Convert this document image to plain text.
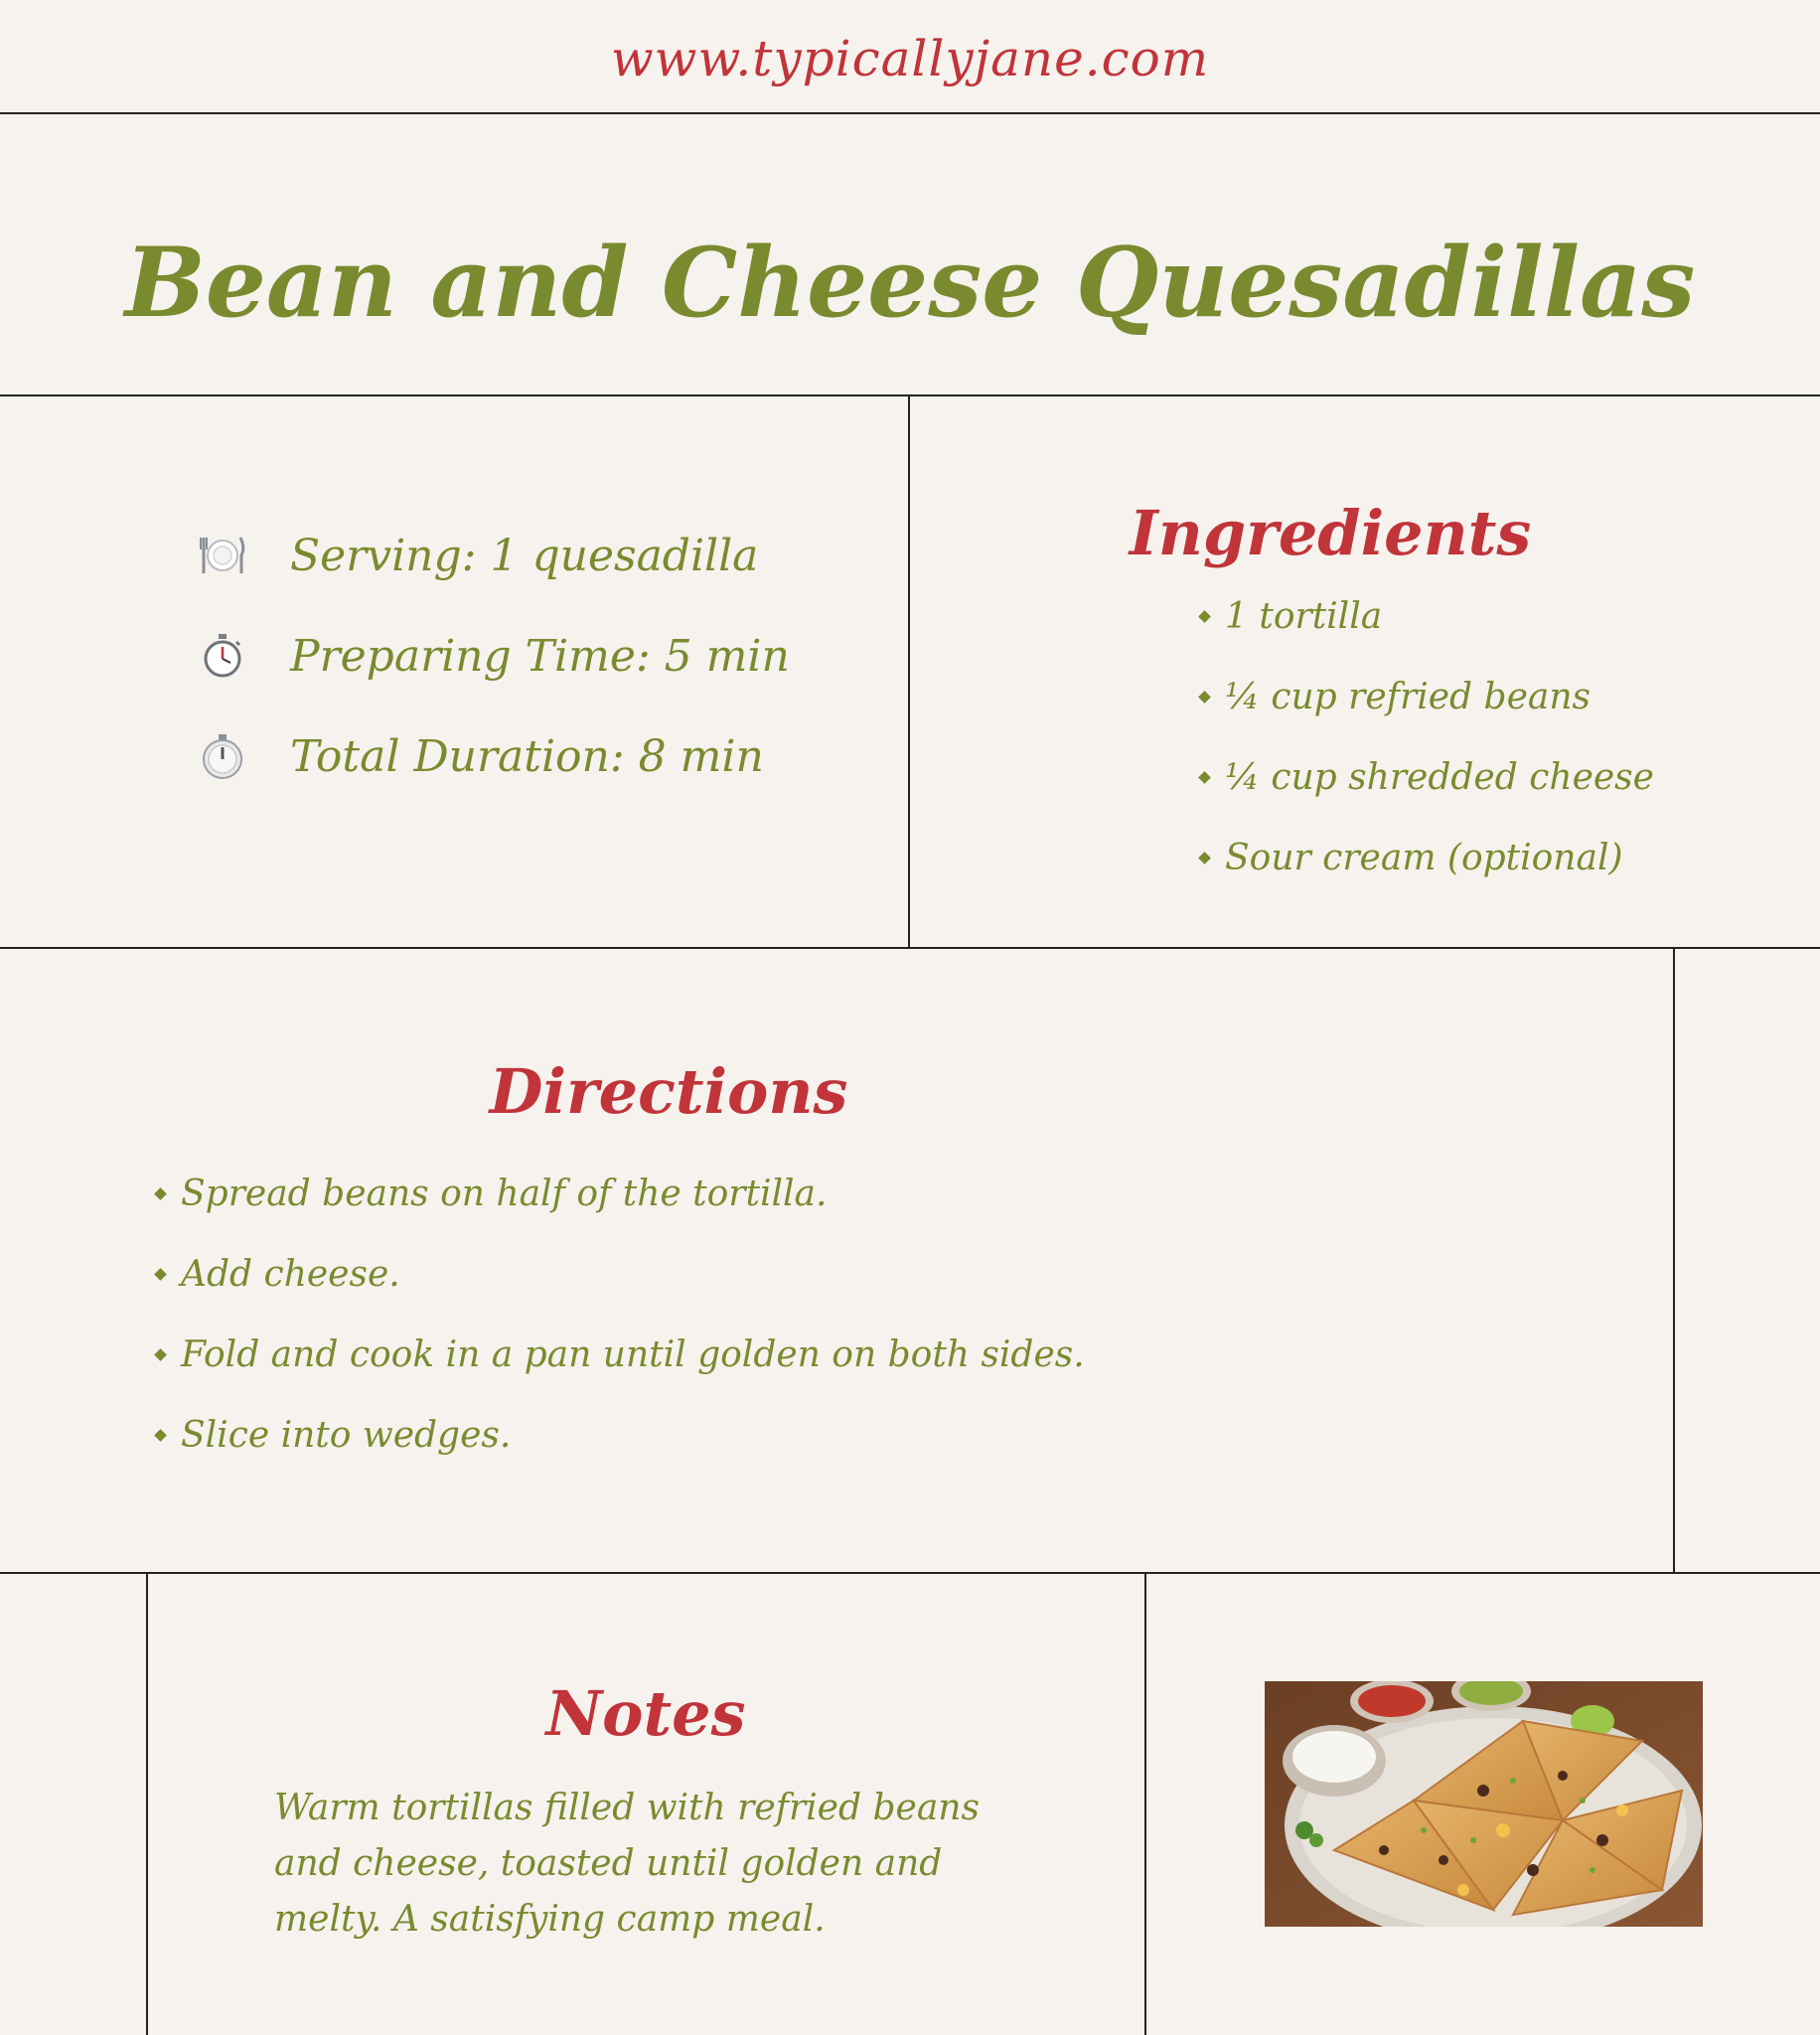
www.typicallyjane.com
Bean and Cheese Quesadillas
Serving: 1 quesadilla
Preparing Time: 5 min
Total Duration: 8 min
Ingredients
1 tortilla
¼ cup refried beans
¼ cup shredded cheese
Sour cream (optional)
Directions
Spread beans on half of the tortilla.
Add cheese.
Fold and cook in a pan until golden on both sides.
Slice into wedges.
Notes
Warm tortillas filled with refried beans and cheese, toasted until golden and melty. A satisfying camp meal.
